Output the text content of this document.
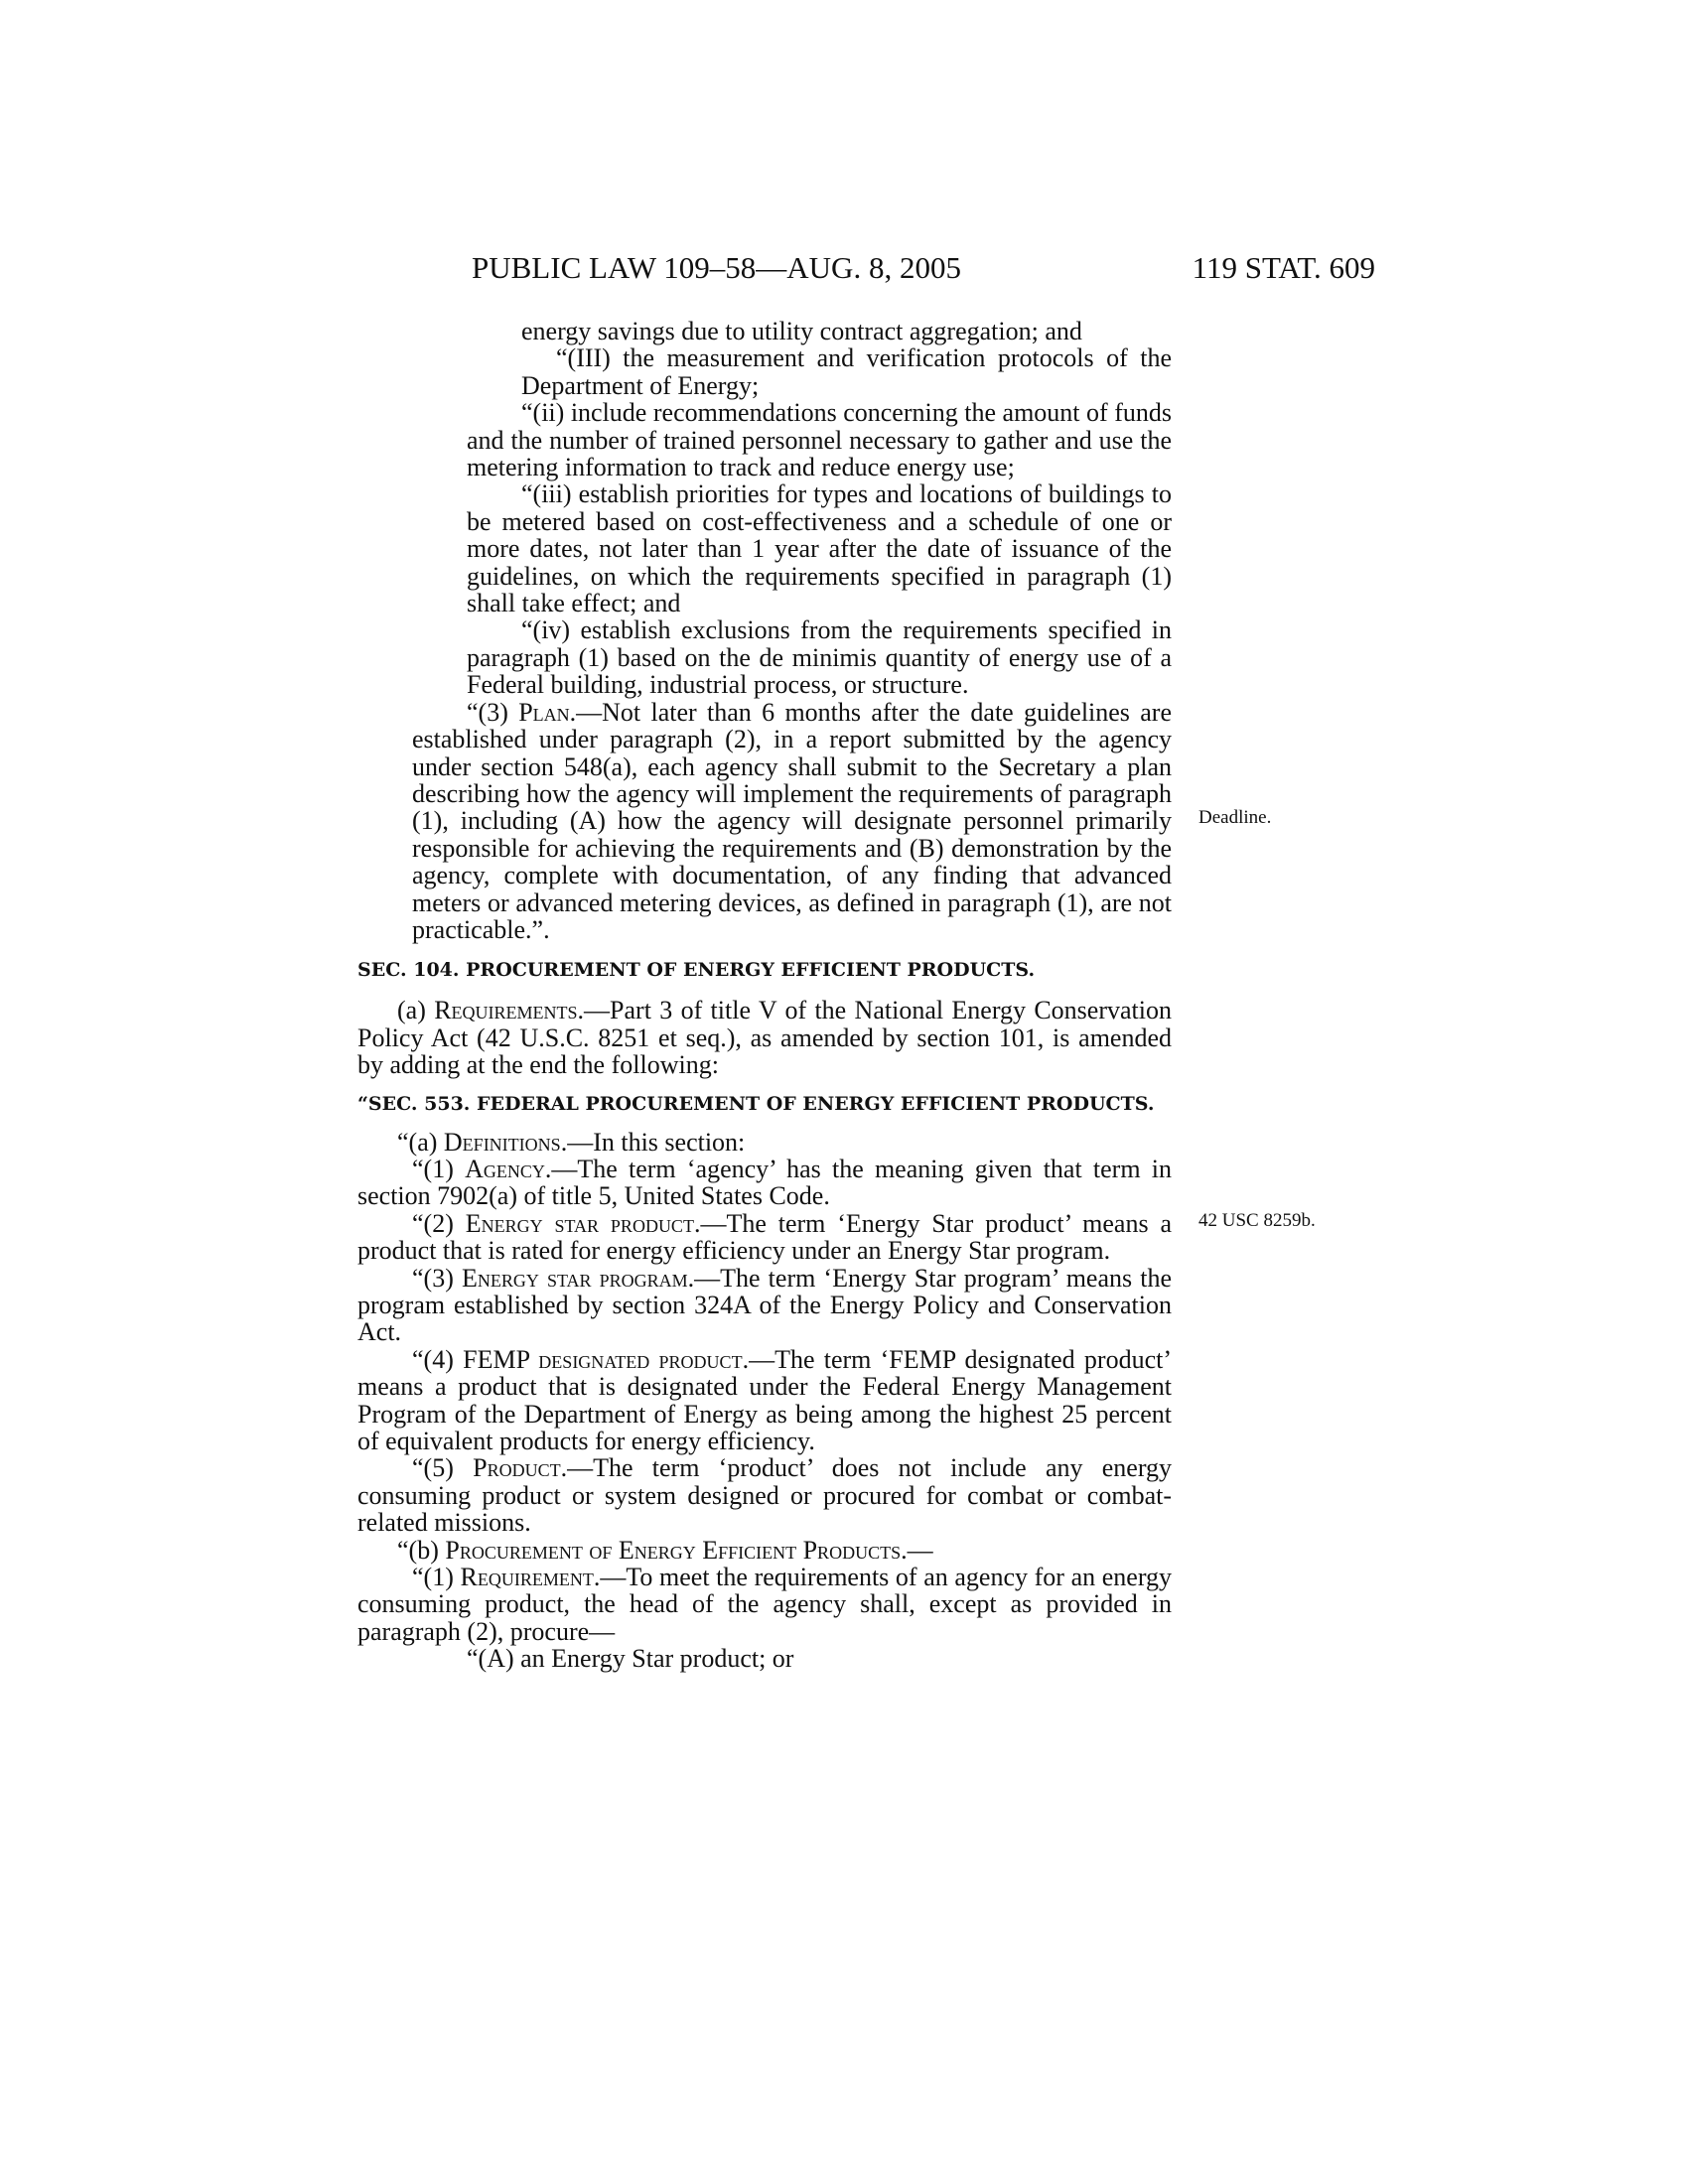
PUBLIC LAW 109–58—AUG. 8, 2005	119 STAT. 609
Deadline.
42 USC 8259b.

energy savings due to utility contract aggregation; and

“(III) the measurement and verification protocols of the Department of Energy;

“(ii) include recommendations concerning the amount of funds and the number of trained personnel necessary to gather and use the metering information to track and reduce energy use;

“(iii) establish priorities for types and locations of buildings to be metered based on cost-effectiveness and a schedule of one or more dates, not later than 1 year after the date of issuance of the guidelines, on which the requirements specified in paragraph (1) shall take effect; and

“(iv) establish exclusions from the requirements specified in paragraph (1) based on the de minimis quantity of energy use of a Federal building, industrial process, or structure.

“(3) Plan.—Not later than 6 months after the date guidelines are established under paragraph (2), in a report submitted by the agency under section 548(a), each agency shall submit to the Secretary a plan describing how the agency will implement the requirements of paragraph (1), including (A) how the agency will designate personnel primarily responsible for achieving the requirements and (B) demonstration by the agency, complete with documentation, of any finding that advanced meters or advanced metering devices, as defined in paragraph (1), are not practicable.”.

SEC. 104. PROCUREMENT OF ENERGY EFFICIENT PRODUCTS.

(a) Requirements.—Part 3 of title V of the National Energy Conservation Policy Act (42 U.S.C. 8251 et seq.), as amended by section 101, is amended by adding at the end the following:

“SEC. 553. FEDERAL PROCUREMENT OF ENERGY EFFICIENT PRODUCTS.

“(a) Definitions.—In this section:

“(1) Agency.—The term ‘agency’ has the meaning given that term in section 7902(a) of title 5, United States Code.

“(2) Energy star product.—The term ‘Energy Star product’ means a product that is rated for energy efficiency under an Energy Star program.

“(3) Energy star program.—The term ‘Energy Star program’ means the program established by section 324A of the Energy Policy and Conservation Act.

“(4) FEMP designated product.—The term ‘FEMP designated product’ means a product that is designated under the Federal Energy Management Program of the Department of Energy as being among the highest 25 percent of equivalent products for energy efficiency.

“(5) Product.—The term ‘product’ does not include any energy consuming product or system designed or procured for combat or combat-related missions.

“(b) Procurement of Energy Efficient Products.—

“(1) Requirement.—To meet the requirements of an agency for an energy consuming product, the head of the agency shall, except as provided in paragraph (2), procure—

“(A) an Energy Star product; or
